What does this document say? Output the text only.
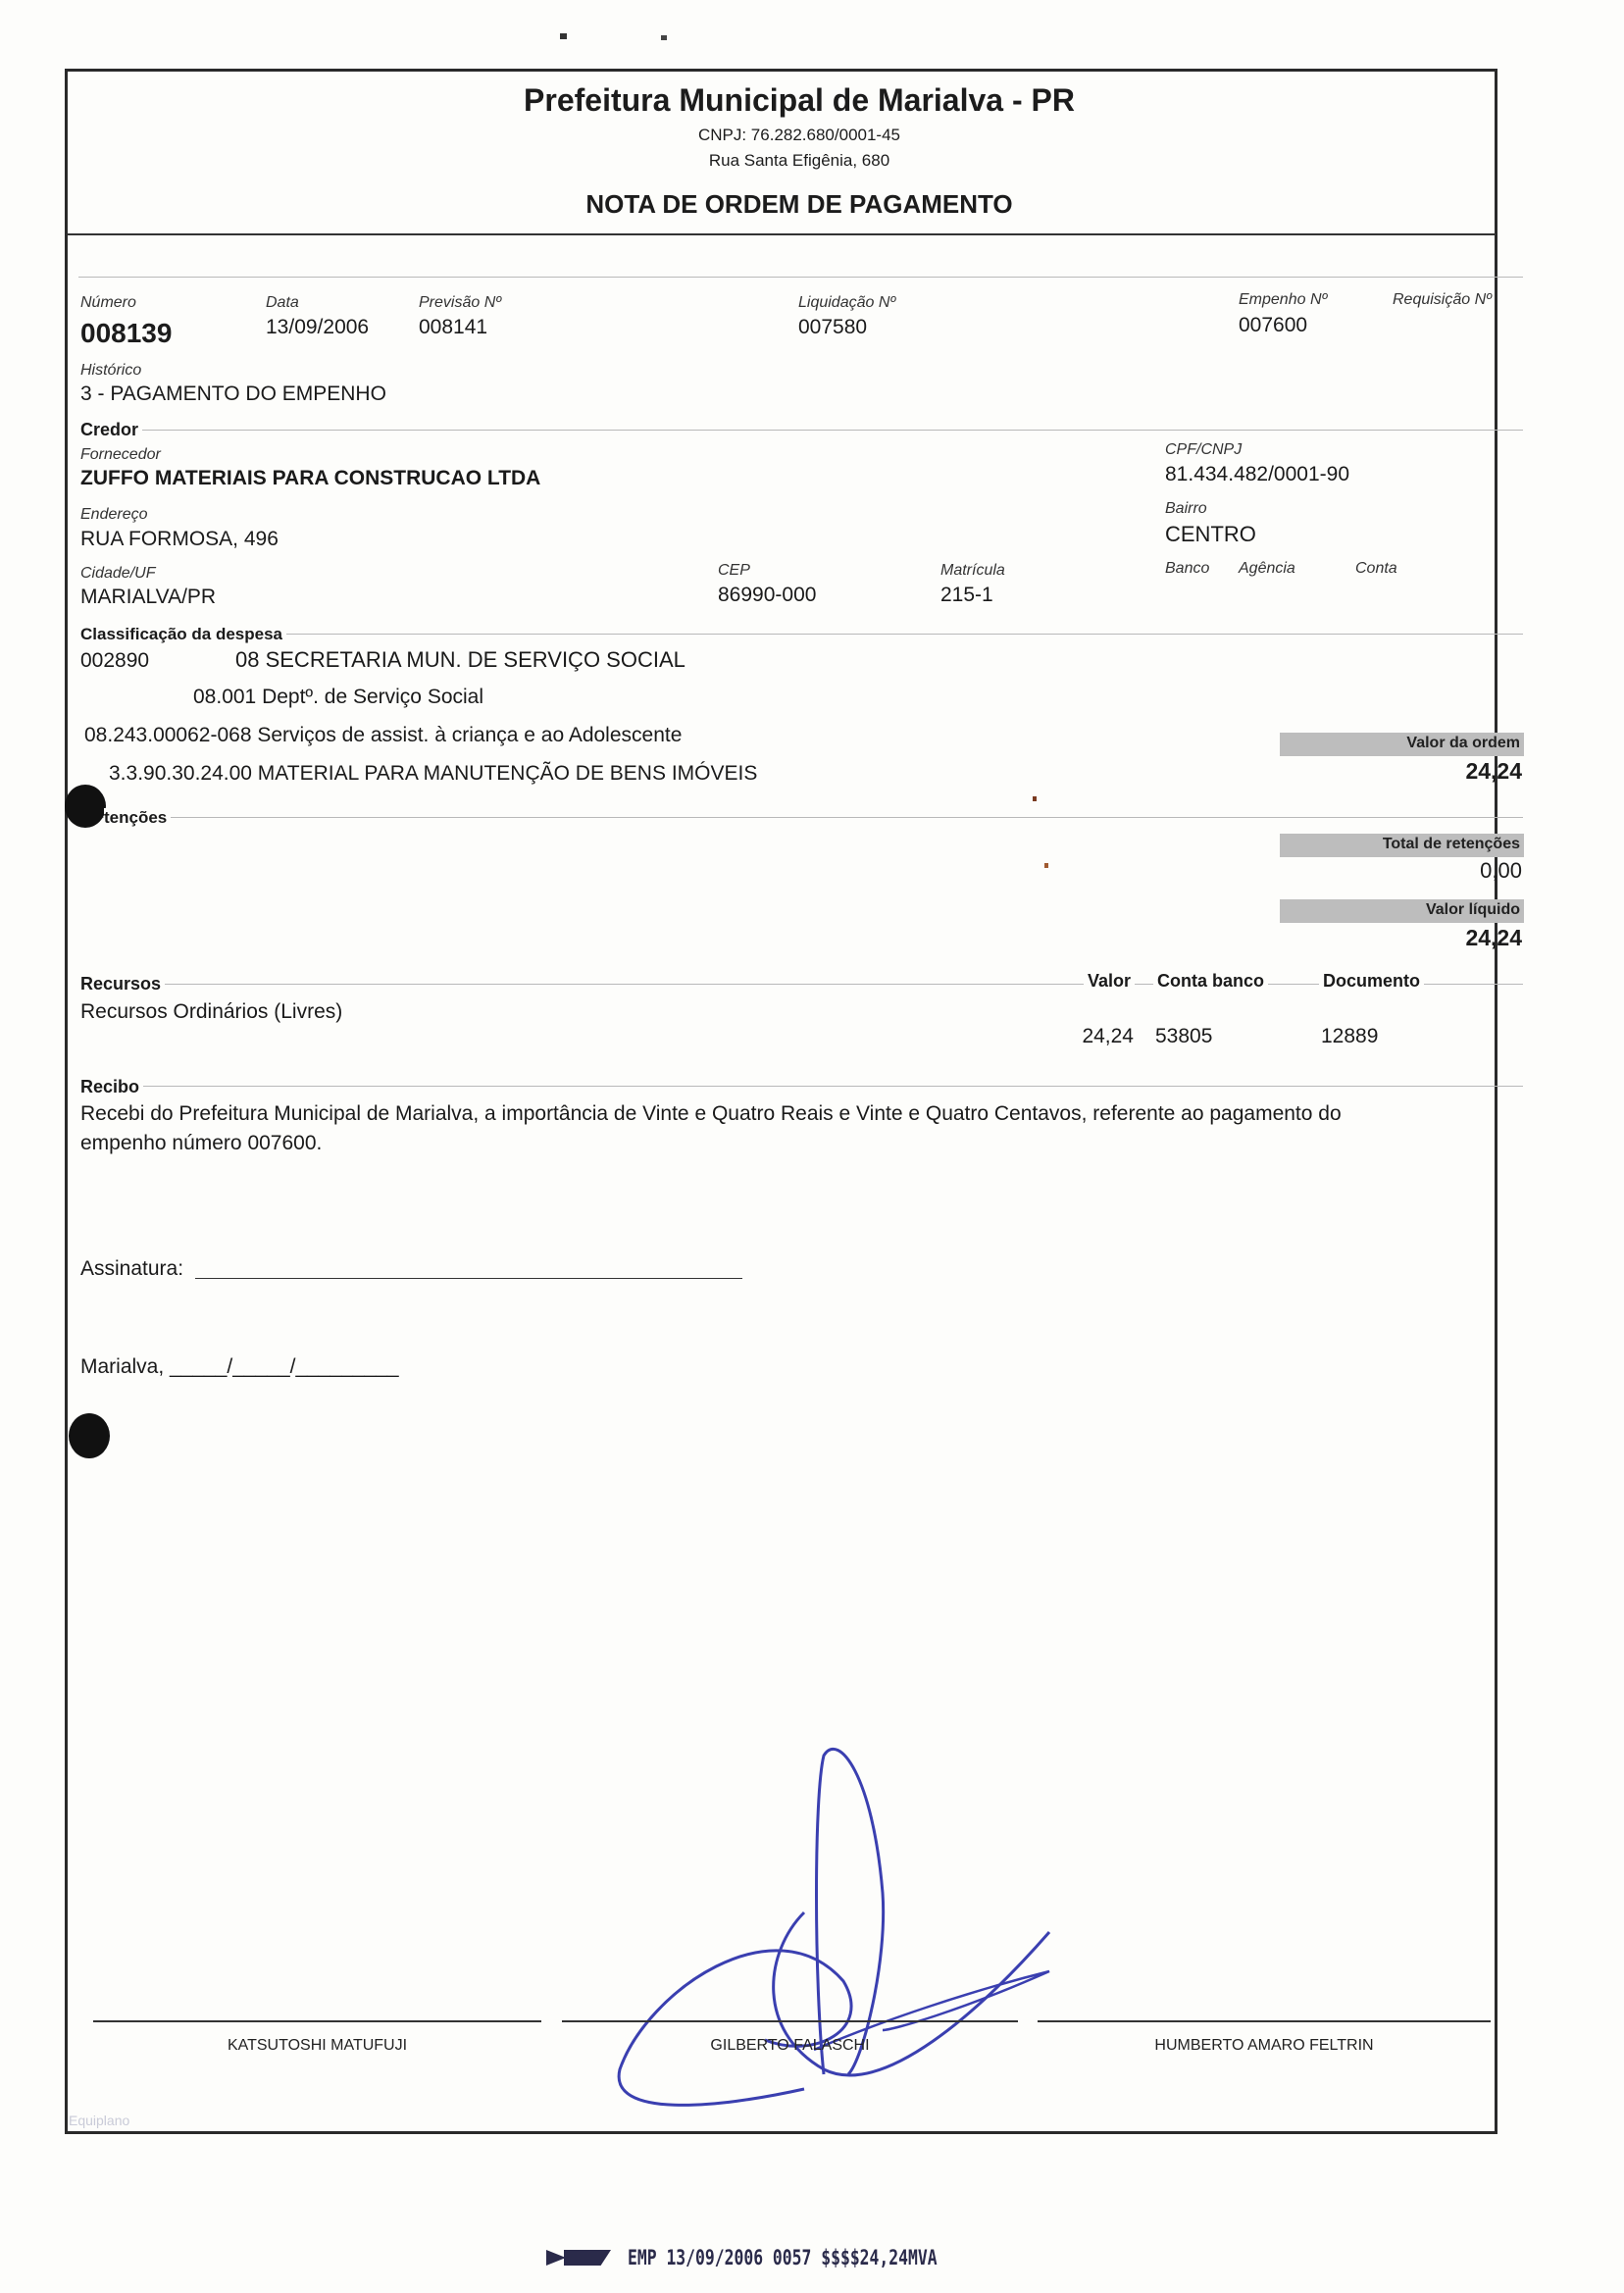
Prefeitura Municipal de Marialva - PR
CNPJ: 76.282.680/0001-45
Rua Santa Efigênia, 680
NOTA DE ORDEM DE PAGAMENTO
Número
008139
Data
13/09/2006
Previsão Nº
008141
Liquidação Nº
007580
Empenho Nº
007600
Requisição Nº
Histórico
3 - PAGAMENTO DO EMPENHO
Credor
Fornecedor
ZUFFO MATERIAIS PARA CONSTRUCAO LTDA
CPF/CNPJ
81.434.482/0001-90
Endereço
RUA FORMOSA, 496
Bairro
CENTRO
Cidade/UF
MARIALVA/PR
CEP
86990-000
Matrícula
215-1
Banco Agência	Conta
Classificação da despesa
002890	08 SECRETARIA MUN. DE SERVIÇO SOCIAL
08.001 Deptº. de Serviço Social
08.243.00062-068 Serviços de assist. à criança e ao Adolescente
3.3.90.30.24.00 MATERIAL PARA MANUTENÇÃO DE BENS IMÓVEIS
Valor da ordem
24,24
tenções
Total de retenções
0,00
Valor líquido
24,24
Recursos	Valor Conta banco	Documento
Recursos Ordinários (Livres)
24,24 53805	12889
Recibo
Recebi do Prefeitura Municipal de Marialva, a importância de Vinte e Quatro Reais e Vinte e Quatro Centavos, referente ao pagamento do
empenho número 007600.
Assinatura:
Marialva, _____/_____/_________
KATSUTOSHI MATUFUJI	GILBERTO FALASCHI	HUMBERTO AMARO FELTRIN
Equiplano
EMP 13/09/2006 0057 $$$$24,24MVA
